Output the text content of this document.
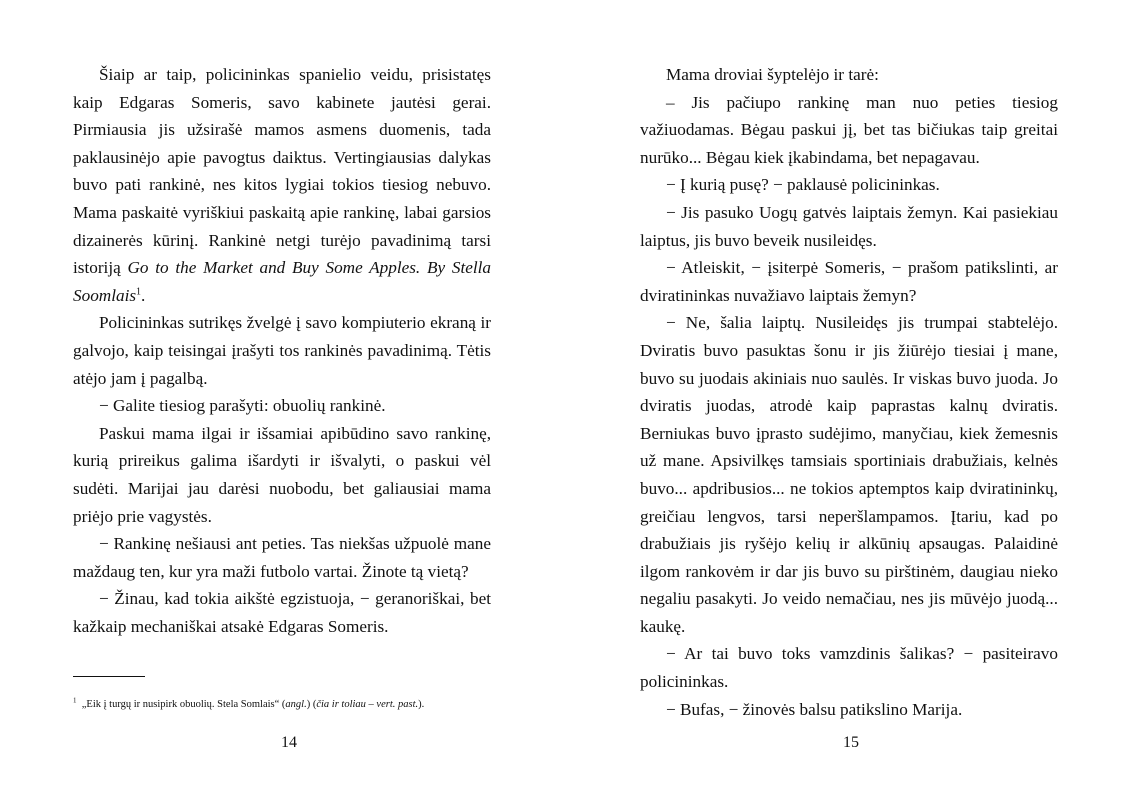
Šiaip ar taip, policininkas spanielio veidu, prisistatęs kaip Edgaras Someris, savo kabinete jautėsi gerai. Pirmiausia jis užsirašė mamos asmens duomenis, tada paklausinėjo apie pavogtus daiktus. Vertingiausias dalykas buvo pati rankinė, nes kitos lygiai tokios tiesiog nebuvo. Mama paskaitė vyriškiui paskaitą apie rankinę, labai garsios dizainerės kūrinį. Rankinė netgi turėjo pavadinimą tarsi istoriją Go to the Market and Buy Some Apples. By Stella Soomlais$^1$.

Policininkas sutrikęs žvelgė į savo kompiuterio ekraną ir galvojo, kaip teisingai įrašyti tos rankinės pavadinimą. Tėtis atėjo jam į pagalbą.

− Galite tiesiog parašyti: obuolių rankinė.

Paskui mama ilgai ir išsamiai apibūdino savo rankinę, kurią prireikus galima išardyti ir išvalyti, o paskui vėl sudėti. Marijai jau darėsi nuobodu, bet galiausiai mama priėjo prie vagystės.

− Rankinę nešiausi ant peties. Tas niekšas užpuolė mane maždaug ten, kur yra maži futbolo vartai. Žinote tą vietą?

− Žinau, kad tokia aikštė egzistuoja, − geranoriškai, bet kažkaip mechaniškai atsakė Edgaras Someris.

$^1$ „Eik į turgų ir nusipirk obuolių. Stela Somlais“ (angl.) (čia ir toliau – vert. past.).
14

Mama droviai šyptelėjo ir tarė:

– Jis pačiupo rankinę man nuo peties tiesiog važiuodamas. Bėgau paskui jį, bet tas bičiukas taip greitai nurūko... Bėgau kiek įkabindama, bet nepagavau.

− Į kurią pusę? − paklausė policininkas.

− Jis pasuko Uogų gatvės laiptais žemyn. Kai pasiekiau laiptus, jis buvo beveik nusileidęs.

− Atleiskit, − įsiterpė Someris, − prašom patikslinti, ar dviratininkas nuvažiavo laiptais žemyn?

− Ne, šalia laiptų. Nusileidęs jis trumpai stabtelėjo. Dviratis buvo pasuktas šonu ir jis žiūrėjo tiesiai į mane, buvo su juodais akiniais nuo saulės. Ir viskas buvo juoda. Jo dviratis juodas, atrodė kaip paprastas kalnų dviratis. Berniukas buvo įprasto sudėjimo, manyčiau, kiek žemesnis už mane. Apsivilkęs tamsiais sportiniais drabužiais, kelnės buvo... apdribusios... ne tokios aptemptos kaip dviratininkų, greičiau lengvos, tarsi neperšlampamos. Įtariu, kad po drabužiais jis ryšėjo kelių ir alkūnių apsaugas. Palaidinė ilgom rankovėm ir dar jis buvo su pirštinėm, daugiau nieko negaliu pasakyti. Jo veido nemačiau, nes jis mūvėjo juodą... kaukę.

− Ar tai buvo toks vamzdinis šalikas? − pasiteiravo policininkas.

− Bufas, − žinovės balsu patikslino Marija.

15
